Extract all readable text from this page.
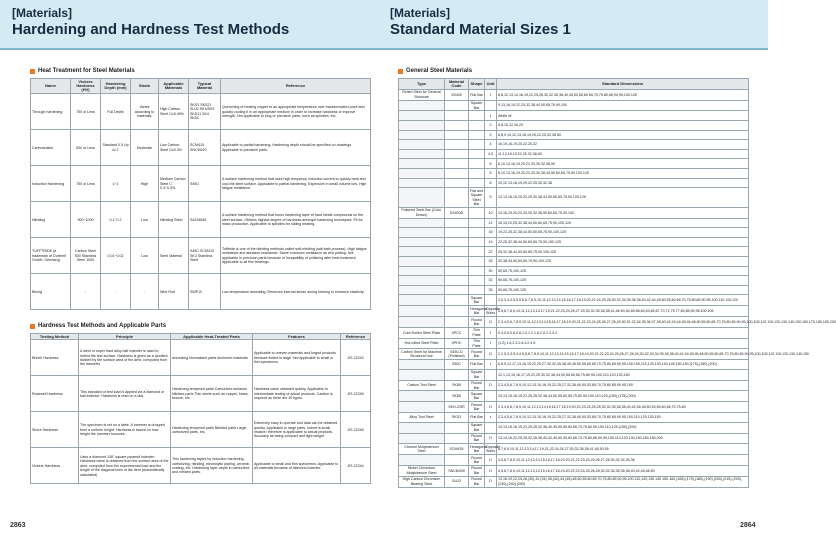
[Materials]
Hardening and Hardness Test Methods
[Materials]
Standard Material Sizes 1
Heat Treatment for Steel Materials
Name	Vickers Hardness (HV)	Hardening Depth (mm)	Strain	Applicable Materials	Typical Material	Reference
Through hardening	750 or Less	Full Depth	Varies according to materials.	High Carbon Steel C≥0.45%	SKS3 SKS21 SUJ2 SK4/SK5 SKD11 SK4 SK5C	Quenching of heating copper to an appropriate temperature over transformation point and quickly cooling it in an appropriate medium in order to increase hardness or improve strength. Not applicable to long or precision parts, such as spindles, etc.
Carburization	500 or Less	Standard 0.5 Up to 2	Moderate	Low Carbon Steel C≤0.3%	SCM415 SNCM220	Applicable to partial hardening. Hardening depth should be specified on drawings. Applicable to precision parts.
Induction Hardening	750 or Less	1~2	High	Medium Carbon Steel C 0.3~0.5%	S45C	A surface hardening method that uses high frequency induction current to quickly heat and cool the steel surface. Applicable to partial hardening. Expensive in small volume lots. High fatigue resistance.
Nitriding	900~1000	0.1~0.2	Low	Nitriding Steel	SACM645	A surface hardening method that forms hardening layer of hard nitride compounds on the steel surface. Obtains highest degree of hardness amongst hardening techniques. Fit for mass production. Applicable to spindles for sliding bearing.
TUFFTRIDE (a trademark of Durferrit GmbH, Germany)	Carbon Steel 500 Stainless Steel 1000	0.01~0.02	Low	Steel Material	S45C SCM415 SK3 Stainless Steel	Tufftride is one of the nitriding methods called soft-nitriding (salt bath process). High fatigue resistance and abrasion resistance. Same corrosion resistance as zinc plating. Not applicable to precision parts because of incapability of polishing after heat treatment. Applicable to all fine bearings.
Bluing	-	-	-	Wire Rod	SWP-B	Low temperature annealing. Removes internal stress during forming to enhance elasticity.
Hardness Test Methods and Applicable Parts
Testing Method	Principle	Applicable Heat-Treated Parts	Features	Reference
Brinell Hardness	A steel or super hard alloy ball indenter is used to indent the test surface. Hardness is given as a quotient divided by the surface area of the dent, computed from the diameter.	Annealing Normalized parts Anchored materials	Applicable to uneven materials and forged products because indent is large. Not applicable to small or thin specimens.	JIS Z2243
Rockwell Hardness	This standard or test load is applied via a diamond or ball indenter. Hardness is read on a dial.	Hardening tempered parts Carburized surfaces Nitrided parts Thin steels such as copper, brass, bronze, etc.	Hardness value obtained quickly. Applicable to intermediate testing of actual products. Caution is required as there are 30 types.	JIS Z2245
Shore Hardness	The specimen is set on a table. A hammer is dropped from a uniform height. Hardness is based on how height the hammer bounces.	Hardening tempered parts Nitrided parts Large carburized parts, etc.	Extremely easy to operate and data can be obtained quickly. Applicable to large parts. Indent is small relative; therefore is applicable to actual products. Accuracy as being compact and light weight.	JIS Z2246
Vickers Hardness	Uses a diamond 136° square pyramid indenter. Hardness value is obtained from the surface area of the dent, computed from the experimental load and the length of the diagonal lines of the dent (Automatically calculated)	This hardening layers by induction hardening, carburizing, nitriding, electrolytic plating, ceramic coating, etc. Hardening layer depth in carburized and nitrided parts.	Applicable to small and thin specimens. Applicable to all materials because of diamond indenter.	JIS Z2244
General Steel Materials
Type	Material Code	Shape	Unit	Standard Dimensions
Rolled Steel for General Structure	SS400	Flat Bar	t	6,8,12,13,14,16,19,22,25,28,30,32,35,38,40,45,50,55,60,65,70,75,80,85,90,95,100,105
		Square Bar		9,13,16,19,22,25,32,38,44,50,65,75,90,100
			1	Width W
			2	6,8,10,12,16,20
			3	6,8,9,10,12,13,16,19,20,22,25,32,38,50
			4	16,19,16,19,20,22,25,32
			4.5	11,13,16,19,22,25,32,38,50
			5	6,10,13,16,19,20,22,25,30,32,38,50
			6	6,10,13,16,19,20,22,25,30,38,44,50,60,65,75,90,100,125
			8	10,12,13,16,19,20,22,25,30,32,38
		Flat and Square Steel Bar	9	12,13,16,19,20,22,25,30,38,44,50,60,65,75,90,100,125
Polished Steel Bar (Cold-Drawn)	SS400D		10	13,16,19,20,22,25,30,32,38,50,60,65,75,90,100
			12	16,19,22,25,32,38,44,50,60,65,75,90,100,125
			16	19,22,25,32,38,44,50,60,65,75,90,100,125
			19	22,25,32,38,44,50,60,65,75,90,100,125
			22	25,32,38,44,50,60,65,75,90,100,125
			25	32,38,44,50,60,65,75,90,100,125
			30	50,65,75,100,125
			32	50,65,75,100,125
			35	50,65,75,100,125
		Square Bar		2.5,3,4,4.5,5,5.5,6,7,8,9,10,11,12,13,14,15,16,17,18,19,20,22,24,25,28,30,32,34,35,36,38,40,42,44,45,50,55,60,65,70,75,80,85,90,95,100,110,115,120
		Hexagonal Bar	Opposite Sides	5.5,6,7,8,9,10,11,12,13,14,17,19,21,22,23,24,26,27,29,30,32,35,36,38,41,46,50,54,55,58,60,63,65,67,70,71,75,77,80,85,90,95,100,105
		Round Bar	D	2,3,4,5,6,7,8,9,10,11,12,13,14,15,16,17,18,19,20,21,22,23,24,25,26,27,28,29,30,31,32,34,35,36,37,38,40,42,43,44,45,46,48,50,55,60,65,70,75,80,85,90,95,100,105,110,115,120,130,140,150,160,170,180,190,200
Cold-Rolled Steel Plate	SPCC	Thin Plate	t	0.4,0.5,0.6,0.8,1.0,1.2,1.6,2.0,2.3,3.2
Hot-rolled Steel Plate	SPHC	Thin Plate	t	(1.2),1.6,2.3,2.6,3.2,4.5
Carbon Steel for Machine Structural Use	S45C-D (Polished)	Round Bar	D	2,2.5,3,3.5,4,4.5,5,6,7,8,9,10,11,12,13,14,15,16,17,18,19,20,21,22,23,24,25,26,27,28,29,30,32,33,34,35,36,38,40,42,44,45,46,48,50,55,60,65,70,75,80,85,90,95,100,105,110,115,120,130,140,150
	S50C	Flat Bar	t	6,8,9,12,17,13,16,19,22,25,27,30,32,35,38,40,45,50,55,60,65,70,75,80,85,90,95,100,105,115,125,130,140,145,150,160,(175),(180),(200)
		Square Bar		12.1,13,15,16,17,19,22,25,30,32,38,44,50,55,60,65,75,80,90,100,110,120,130,150
Carbon Tool Steel	SK85	Round Bar	D	2,3,4,5,6,7,8,9,10,12,13,15,16,19,22,25,27,32,38,40,50,53,65,70,75,80,85,90,95,100
	SK85	Square Bar		10,13,15,16,19,22,25,28,32,38,44,50,55,60,65,75,80,90,100,110,125,(150),(175),(200)
	SKH-2/SR	Round Bar	D	2,3,4,5,6,7,8,9,10,11,12,13,14,15,16,17,18,19,20,22,23,24,25,28,30,32,35,36,38,40,42,45,48,50,53,55,60,65,70,75,80
Alloy Tool Steel	SKS3	Flat Bar	t	2,3,4,5,6,7,8,9,10,12,13,15,16,19,22,25,27,32,38,40,50,53,65,70,75,80,85,90,95,100,110,125,130,150
		Square Bar		10,13,15,16,19,22,25,28,32,38,40,45,50,55,60,65,70,75,80,90,100,110,125,(150),(200)
		Round Bar	D	13,14,16,22,25,28,32,35,38,40,42,45,50,55,60,65,70,75,80,85,90,95,100,110,120,130,150,160,180,200
Chrome Molybdenum Steel	SCM435	Hexagonal Bar	Opposite Sides	6,7,8,9,10,11,12,13,14,17,19,21,22,24,26,27,30,32,36,38,41,46,50,55
		Round Bar	D	4,5,6,7,8,9,10,11,12,13,14,15,16,17,18,19,20,21,22,23,24,25,26,27,28,30,32,34,35,36
Nickel Chromium Molybdenum Steel	SNCM439	Round Bar	D	4,5,6,7,8,9,10,11,12,13,14,15,16,17,18,19,20,22,23,24,25,26,28,30,32,34,35,36,38,40,42,45,48,50
High Carbon Chromium Bearing Steel	SUJ2	Round Bar	D	13,16,19,22,25,28,(30),32,(34),38,(42),44,(46),48,50,55,60,65,70,75,80,85,90,95,100,110,120,130,140,150,160,(165),(170),(180),(190),(200),(210),(220),(230),(240),(250)
2863	2864
